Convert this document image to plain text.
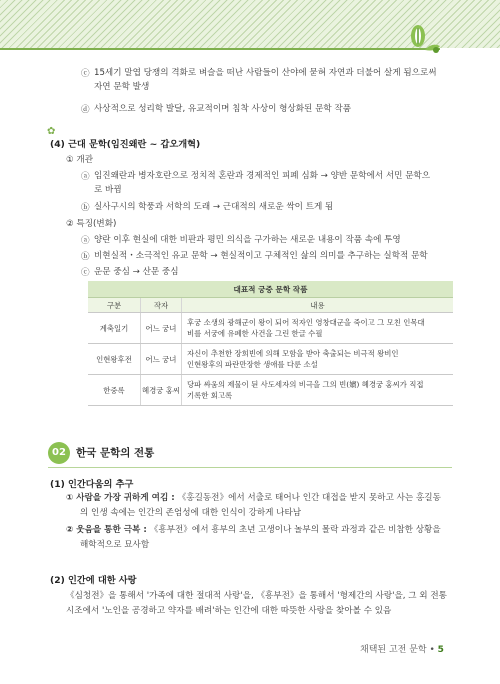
ⓒ 15세기 말엽 당쟁의 격화로 벼슬을 떠난 사람들이 산야에 묻혀 자연과 더불어 살게 됨으로써
자연 문학 발생
ⓓ 사상적으로 성리학 발달, 유교적이며 침착 사상이 형상화된 문학 작품
✿
(4) 근대 문학(임진왜란 ~ 갑오개혁)
① 개관
ⓐ 임진왜란과 병자호란으로 정치적 혼란과 경제적인 피폐 심화 → 양반 문학에서 서민 문학으
로 바뀜
ⓑ 실사구시의 학풍과 서학의 도래 → 근대적의 새로운 싹이 트게 됨
② 특징(변화)
ⓐ 양란 이후 현실에 대한 비판과 평민 의식을 구가하는 새로운 내용이 작품 속에 투영
ⓑ 비현실적・소극적인 유교 문학 → 현실적이고 구체적인 삶의 의미를 추구하는 실학적 문학
ⓒ 운문 중심 → 산문 중심
대표적 궁중 문학 작품		
구분	작자	내용
계축일기	어느 궁녀	후궁 소생의 광해군이 왕이 되어 적자인 영창대군을 죽이고 그 모친 인목대
비를 서궁에 유폐한 사건을 그린 한글 수필

인현왕후전	어느 궁녀	자신이 추천한 장희빈에 의해 모함을 받아 축출되는 비극적 왕비인
인현왕후의 파란만장한 생애를 다룬 소설

한중록	혜경궁 홍씨	당파 싸움의 제물이 된 사도세자의 비극을 그의 빈(嬪) 혜경궁 홍씨가 직접
기록한 회고록
02 한국 문학의 전통
(1) 인간다움의 추구
① 사람을 가장 귀하게 여김 : 《홍길동전》에서 서출로 태어나 인간 대접을 받지 못하고 사는 홍길동
의 인생 속에는 인간의 존엄성에 대한 인식이 강하게 나타남
② 웃음을 통한 극복 : 《흥부전》에서 흥부의 초년 고생이나 놀부의 몰락 과정과 같은 비참한 상황을
해학적으로 묘사함
(2) 인간에 대한 사랑
《심청전》을 통해서 '가족에 대한 절대적 사랑'을, 《흥부전》을 통해서 '형제간의 사랑'을, 그 외 전통
시조에서 '노인을 공경하고 약자를 배려'하는 인간에 대한 따뜻한 사랑을 찾아볼 수 있음
채택된 고전 문학 • 5
